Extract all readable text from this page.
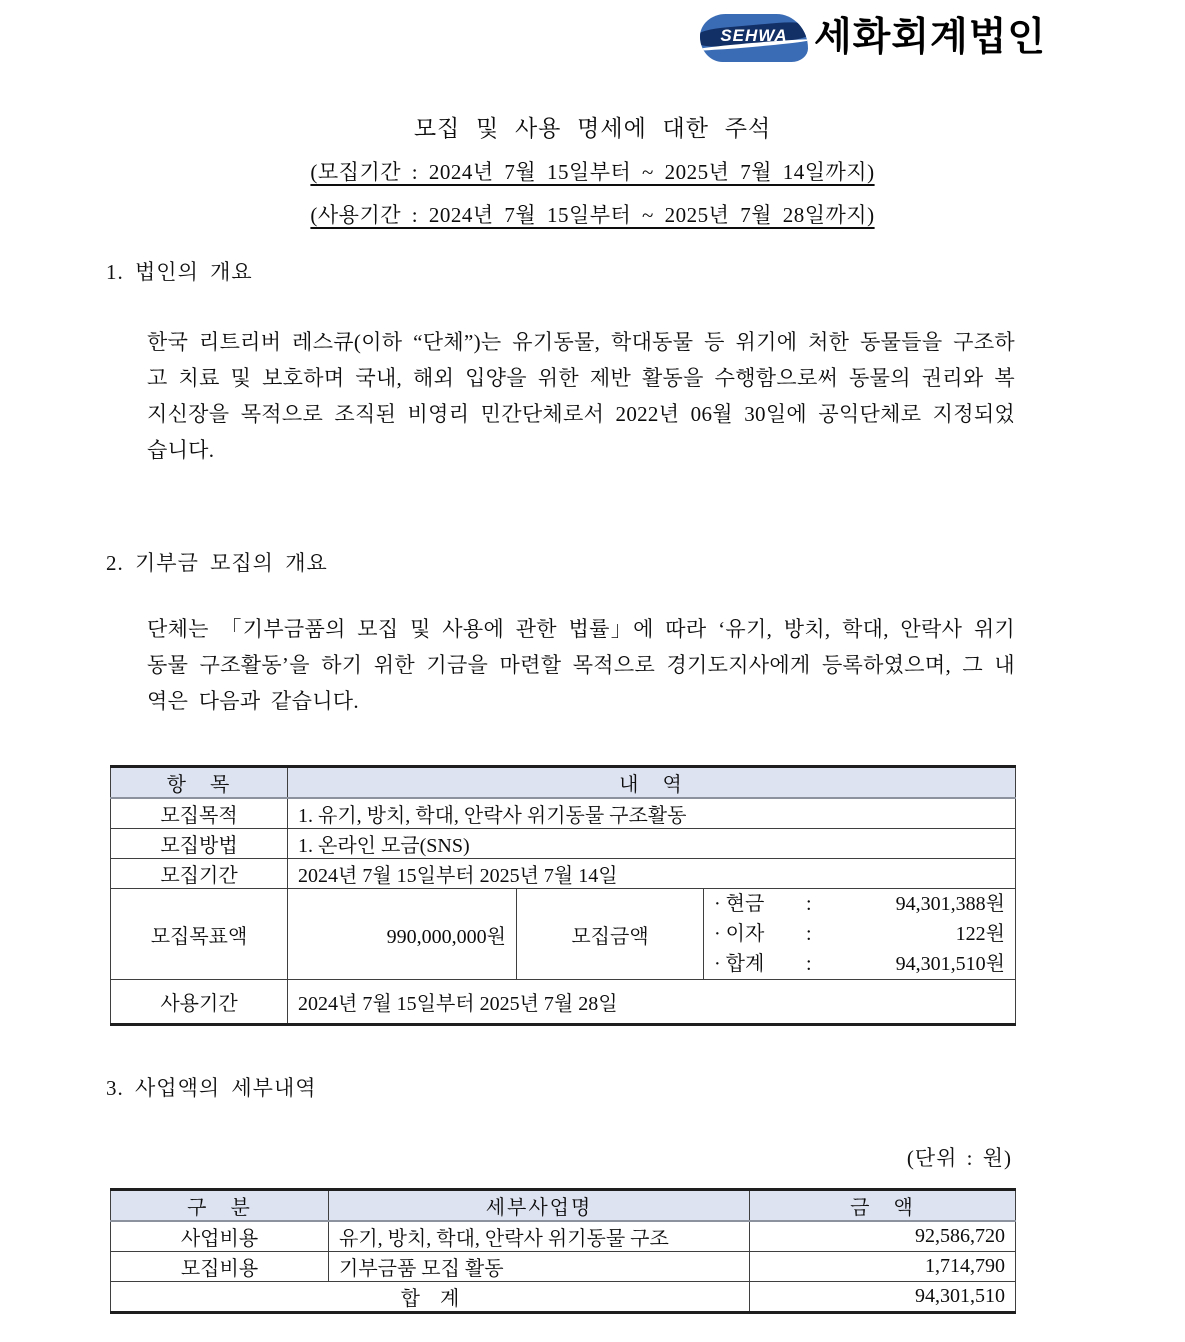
SEHWA 세화회계법인
모집 및 사용 명세에 대한 주석
(모집기간 : 2024년 7월 15일부터 ~ 2025년 7월 14일까지)
(사용기간 : 2024년 7월 15일부터 ~ 2025년 7월 28일까지)
1. 법인의 개요
한국 리트리버 레스큐(이하 “단체”)는 유기동물, 학대동물 등 위기에 처한 동물들을 구조하고 치료 및 보호하며 국내, 해외 입양을 위한 제반 활동을 수행함으로써 동물의 권리와 복지신장을 목적으로 조직된 비영리 민간단체로서 2022년 06월 30일에 공익단체로 지정되었습니다.
2. 기부금 모집의 개요
단체는 「기부금품의 모집 및 사용에 관한 법률」에 따라 ‘유기, 방치, 학대, 안락사 위기동물 구조활동’을 하기 위한 기금을 마련할 목적으로 경기도지사에게 등록하였으며, 그 내역은 다음과 같습니다.
항　목	내　역		
모집목적	1. 유기, 방치, 학대, 안락사 위기동물 구조활동		
모집방법	1. 온라인 모금(SNS)		
모집기간	2024년 7월 15일부터 2025년 7월 14일		
모집목표액	990,000,000원	모집금액	
· 현금	:	94,301,388원
· 이자	:	122원
· 합계	:	94,301,510원

사용기간	2024년 7월 15일부터 2025년 7월 28일		
3. 사업액의 세부내역
(단위 : 원)
구　분	세부사업명	금　액
사업비용	유기, 방치, 학대, 안락사 위기동물 구조	92,586,720
모집비용	기부금품 모집 활동	1,714,790
합　계		94,301,510
